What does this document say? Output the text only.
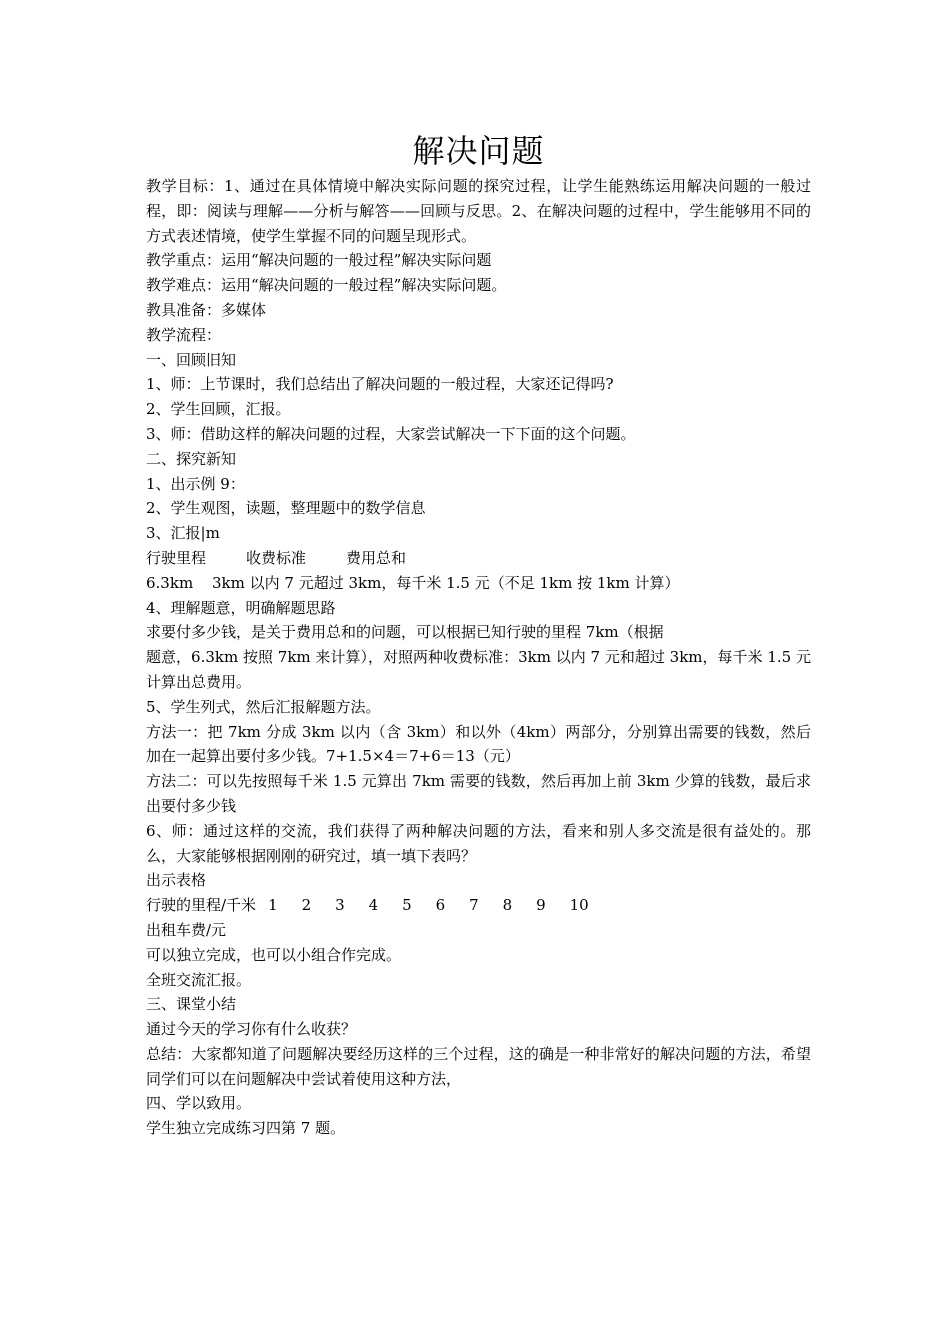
解决问题

教学目标：1、通过在具体情境中解决实际问题的探究过程，让学生能熟练运用解决问题的一般过程，即：阅读与理解——分析与解答——回顾与反思。2、在解决问题的过程中，学生能够用不同的方式表述情境，使学生掌握不同的问题呈现形式。

教学重点：运用“解决问题的一般过程”解决实际问题

教学难点：运用“解决问题的一般过程”解决实际问题。

教具准备：多媒体

教学流程：

一、回顾旧知

1、师：上节课时，我们总结出了解决问题的一般过程，大家还记得吗?

2、学生回顾，汇报。

3、师：借助这样的解决问题的过程，大家尝试解决一下下面的这个问题。

二、探究新知

1、出示例 9：

2、学生观图，读题，整理题中的数学信息

3、汇报|m

行驶里程	收费标准	费用总和

6.3km 3km 以内 7 元超过 3km，每千米 1.5 元（不足 1km 按 1km 计算）

4、理解题意，明确解题思路

求要付多少钱，是关于费用总和的问题，可以根据已知行驶的里程 7km（根据

题意，6.3km 按照 7km 来计算），对照两种收费标准：3km 以内 7 元和超过 3km，每千米 1.5 元计算出总费用。

5、学生列式，然后汇报解题方法。

方法一：把 7km 分成 3km 以内（含 3km）和以外（4km）两部分，分别算出需要的钱数，然后加在一起算出要付多少钱。7+1.5×4＝7+6＝13（元）

方法二：可以先按照每千米 1.5 元算出 7km 需要的钱数，然后再加上前 3km 少算的钱数，最后求出要付多少钱

6、师：通过这样的交流，我们获得了两种解决问题的方法，看来和别人多交流是很有益处的。那么，大家能够根据刚刚的研究过，填一填下表吗？

出示表格

行驶的里程/千米 1 2 3 4 5 6 7 8 9 10

出租车费/元

可以独立完成，也可以小组合作完成。

全班交流汇报。

三、课堂小结

通过今天的学习你有什么收获？

总结：大家都知道了问题解决要经历这样的三个过程，这的确是一种非常好的解决问题的方法，希望同学们可以在问题解决中尝试着使用这种方法，

四、学以致用。

学生独立完成练习四第 7 题。
